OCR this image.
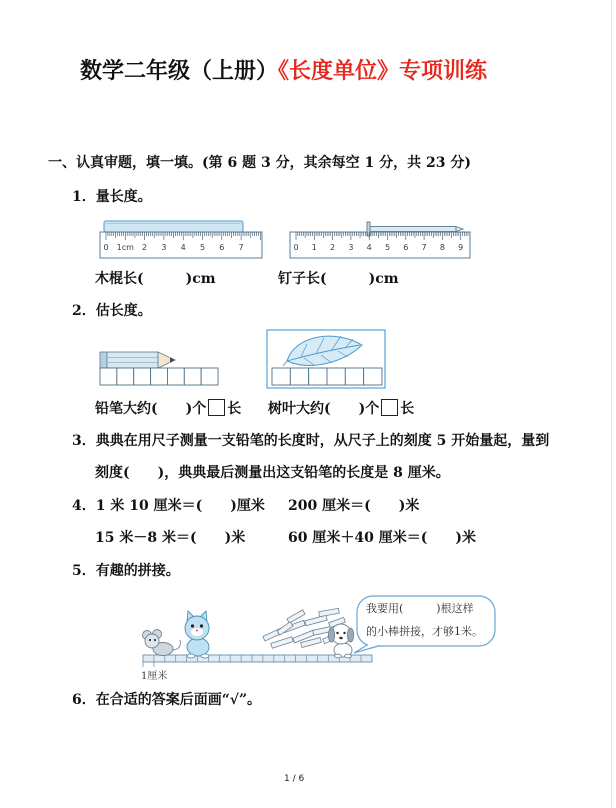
数学二年级（上册）《长度单位》专项训练
一、认真审题，填一填。(第 6 题 3 分，其余每空 1 分，共 23 分)
1．量长度。
0 1cm 2 3 4 5 6 7	0 1 2 3 4 5 6 7 8 9
木棍长(　　　)cm	钉子长(　　　)cm
2．估长度。
铅笔大约(　　)个 长 树叶大约(　　)个 长
3．典典在用尺子测量一支铅笔的长度时，从尺子上的刻度 5 开始量起，量到
刻度(　　)，典典最后测量出这支铅笔的长度是 8 厘米。
4．1 米 10 厘米＝(　　)厘米 200 厘米＝(　　)米
15 米－8 米＝(　　)米	60 厘米＋40 厘米＝(　　)米
5．有趣的拼接。
1厘米
我要用(　　　)根这样
的小棒拼接，才够1米。
6．在合适的答案后面画“√”。
1 / 6
